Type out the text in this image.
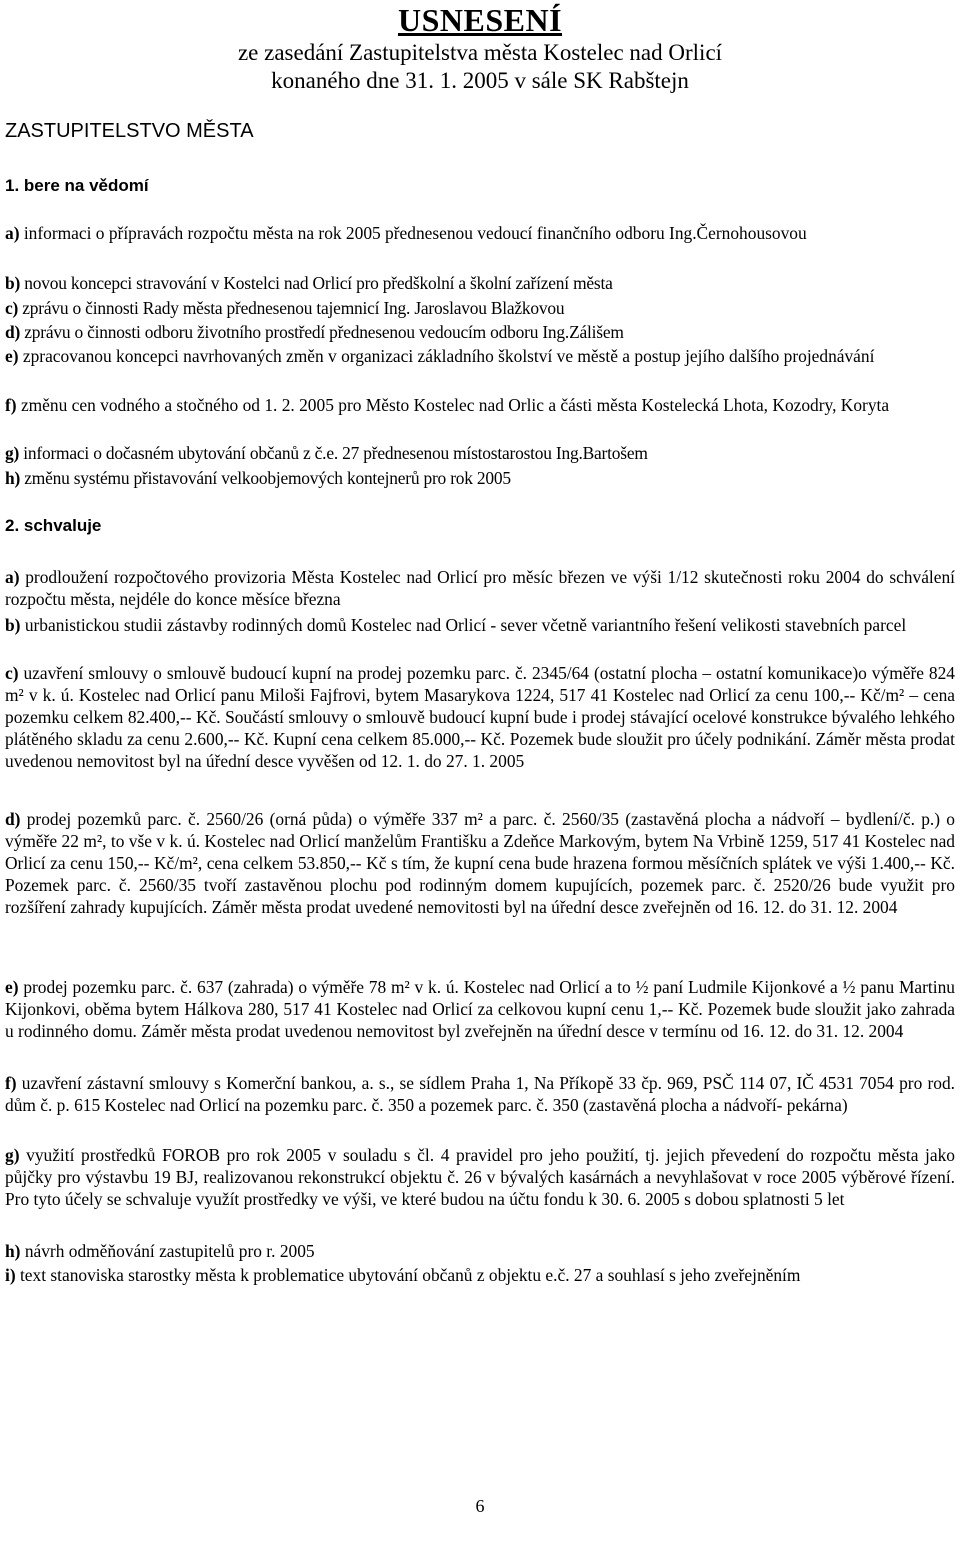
USNESENÍ
ze zasedání Zastupitelstva města Kostelec nad Orlicí
konaného dne 31. 1. 2005 v sále SK Rabštejn
ZASTUPITELSTVO MĚSTA
1. bere na vědomí
a) informaci o přípravách rozpočtu města na rok 2005 přednesenou vedoucí finančního odboru Ing.Černohousovou
b) novou koncepci stravování v Kostelci nad Orlicí pro předškolní a školní zařízení města
c) zprávu o činnosti Rady města přednesenou tajemnicí Ing. Jaroslavou Blažkovou
d) zprávu o činnosti odboru životního prostředí přednesenou vedoucím odboru Ing.Zálišem
e) zpracovanou koncepci navrhovaných změn v organizaci základního školství ve městě a postup jejího dalšího projednávání
f) změnu cen vodného a stočného od 1. 2. 2005 pro Město Kostelec nad Orlic a části města Kostelecká Lhota, Kozodry, Koryta
g) informaci o dočasném ubytování občanů z č.e. 27 přednesenou místostarostou Ing.Bartošem
h) změnu systému přistavování velkoobjemových kontejnerů pro rok 2005
2. schvaluje
a) prodloužení rozpočtového provizoria Města Kostelec nad Orlicí pro měsíc březen ve výši 1/12 skutečnosti roku 2004 do schválení rozpočtu města, nejdéle do konce měsíce března
b) urbanistickou studii zástavby rodinných domů Kostelec nad Orlicí - sever včetně variantního řešení velikosti stavebních parcel
c) uzavření smlouvy o smlouvě budoucí kupní na prodej pozemku parc. č. 2345/64 (ostatní plocha – ostatní komunikace)o výměře 824 m² v k. ú. Kostelec nad Orlicí panu Miloši Fajfrovi, bytem Masarykova 1224, 517 41 Kostelec nad Orlicí za cenu 100,-- Kč/m² – cena pozemku celkem 82.400,-- Kč. Součástí smlouvy o smlouvě budoucí kupní bude i prodej stávající ocelové konstrukce bývalého lehkého plátěného skladu za cenu 2.600,-- Kč. Kupní cena celkem 85.000,-- Kč. Pozemek bude sloužit pro účely podnikání. Záměr města prodat uvedenou nemovitost byl na úřední desce vyvěšen od 12. 1. do 27. 1. 2005
d) prodej pozemků parc. č. 2560/26 (orná půda) o výměře 337 m² a parc. č. 2560/35 (zastavěná plocha a nádvoří – bydlení/č. p.) o výměře 22 m², to vše v k. ú. Kostelec nad Orlicí manželům Františku a Zdeňce Markovým, bytem Na Vrbině 1259, 517 41 Kostelec nad Orlicí za cenu 150,-- Kč/m², cena celkem 53.850,-- Kč s tím, že kupní cena bude hrazena formou měsíčních splátek ve výši 1.400,-- Kč. Pozemek parc. č. 2560/35 tvoří zastavěnou plochu pod rodinným domem kupujících, pozemek parc. č. 2520/26 bude využit pro rozšíření zahrady kupujících. Záměr města prodat uvedené nemovitosti byl na úřední desce zveřejněn od 16. 12. do 31. 12. 2004
e) prodej pozemku parc. č. 637 (zahrada) o výměře 78 m² v k. ú. Kostelec nad Orlicí a to ½ paní Ludmile Kijonkové a ½ panu Martinu Kijonkovi, oběma bytem Hálkova 280, 517 41 Kostelec nad Orlicí za celkovou kupní cenu 1,-- Kč. Pozemek bude sloužit jako zahrada u rodinného domu. Záměr města prodat uvedenou nemovitost byl zveřejněn na úřední desce v termínu od 16. 12. do 31. 12. 2004
f) uzavření zástavní smlouvy s Komerční bankou, a. s., se sídlem Praha 1, Na Příkopě 33 čp. 969, PSČ 114 07, IČ 4531 7054 pro rod. dům č. p. 615 Kostelec nad Orlicí na pozemku parc. č. 350 a pozemek parc. č. 350 (zastavěná plocha a nádvoří- pekárna)
g) využití prostředků FOROB pro rok 2005 v souladu s čl. 4 pravidel pro jeho použití, tj. jejich převedení do rozpočtu města jako půjčky pro výstavbu 19 BJ, realizovanou rekonstrukcí objektu č. 26 v bývalých kasárnách a nevyhlašovat v roce 2005 výběrové řízení. Pro tyto účely se schvaluje využít prostředky ve výši, ve které budou na účtu fondu k 30. 6. 2005 s dobou splatnosti 5 let
h) návrh odměňování zastupitelů pro r. 2005
i) text stanoviska starostky města k problematice ubytování občanů z objektu e.č. 27 a souhlasí s jeho zveřejněním
6
